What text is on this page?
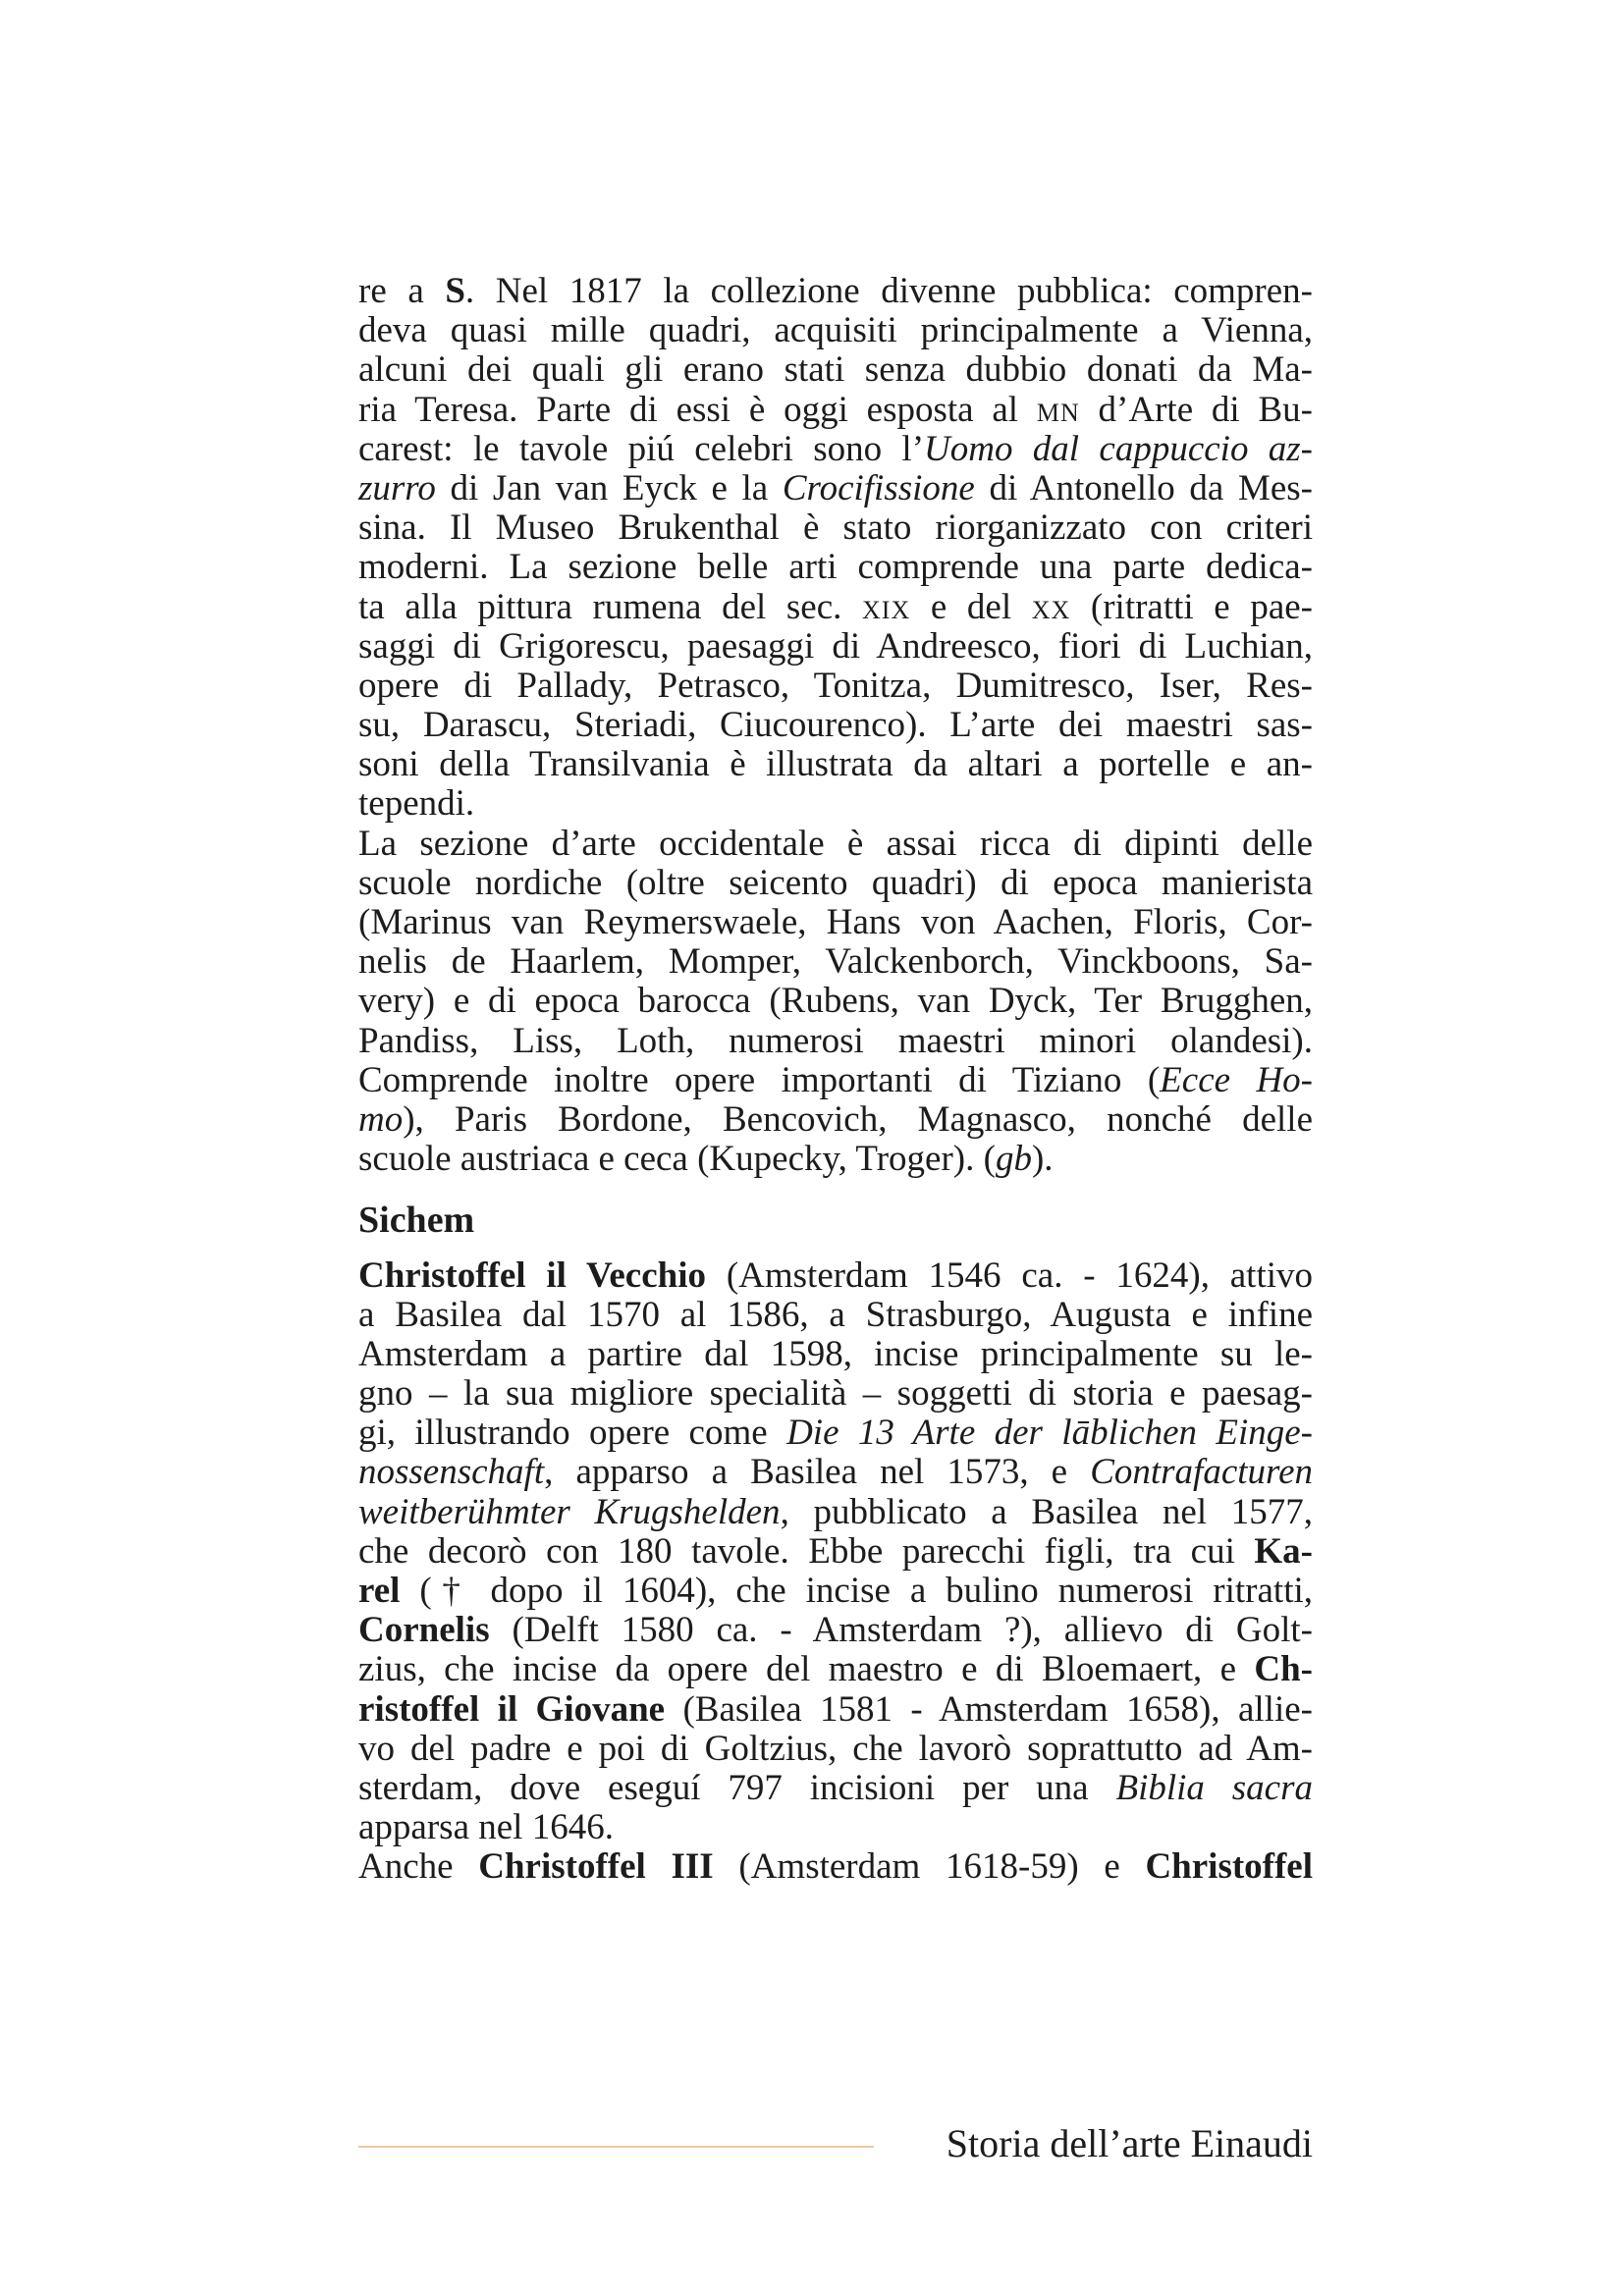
re a S. Nel 1817 la collezione divenne pubblica: compren-
deva quasi mille quadri, acquisiti principalmente a Vienna,
alcuni dei quali gli erano stati senza dubbio donati da Ma-
ria Teresa. Parte di essi è oggi esposta al mn d’Arte di Bu-
carest: le tavole piú celebri sono l’Uomo dal cappuccio az-
zurro di Jan van Eyck e la Crocifissione di Antonello da Mes-
sina. Il Museo Brukenthal è stato riorganizzato con criteri
moderni. La sezione belle arti comprende una parte dedica-
ta alla pittura rumena del sec. xix e del xx (ritratti e pae-
saggi di Grigorescu, paesaggi di Andreesco, fiori di Luchian,
opere di Pallady, Petrasco, Tonitza, Dumitresco, Iser, Res-
su, Darascu, Steriadi, Ciucourenco). L’arte dei maestri sas-
soni della Transilvania è illustrata da altari a portelle e an-
tependi.
La sezione d’arte occidentale è assai ricca di dipinti delle
scuole nordiche (oltre seicento quadri) di epoca manierista
(Marinus van Reymerswaele, Hans von Aachen, Floris, Cor-
nelis de Haarlem, Momper, Valckenborch, Vinckboons, Sa-
very) e di epoca barocca (Rubens, van Dyck, Ter Brugghen,
Pandiss, Liss, Loth, numerosi maestri minori olandesi).
Comprende inoltre opere importanti di Tiziano (Ecce Ho-
mo), Paris Bordone, Bencovich, Magnasco, nonché delle
scuole austriaca e ceca (Kupecky, Troger). (gb).
Sichem
Christoffel il Vecchio (Amsterdam 1546 ca. - 1624), attivo
a Basilea dal 1570 al 1586, a Strasburgo, Augusta e infine
Amsterdam a partire dal 1598, incise principalmente su le-
gno – la sua migliore specialità – soggetti di storia e paesag-
gi, illustrando opere come Die 13 Arte der lāblichen Einge-
nossenschaft, apparso a Basilea nel 1573, e Contrafacturen
weitberühmter Krugshelden, pubblicato a Basilea nel 1577,
che decorò con 180 tavole. Ebbe parecchi figli, tra cui Ka-
rel († dopo il 1604), che incise a bulino numerosi ritratti,
Cornelis (Delft 1580 ca. - Amsterdam ?), allievo di Golt-
zius, che incise da opere del maestro e di Bloemaert, e Ch-
ristoffel il Giovane (Basilea 1581 - Amsterdam 1658), allie-
vo del padre e poi di Goltzius, che lavorò soprattutto ad Am-
sterdam, dove eseguí 797 incisioni per una Biblia sacra
apparsa nel 1646.
Anche Christoffel III (Amsterdam 1618-59) e Christoffel
Storia dell’arte Einaudi
